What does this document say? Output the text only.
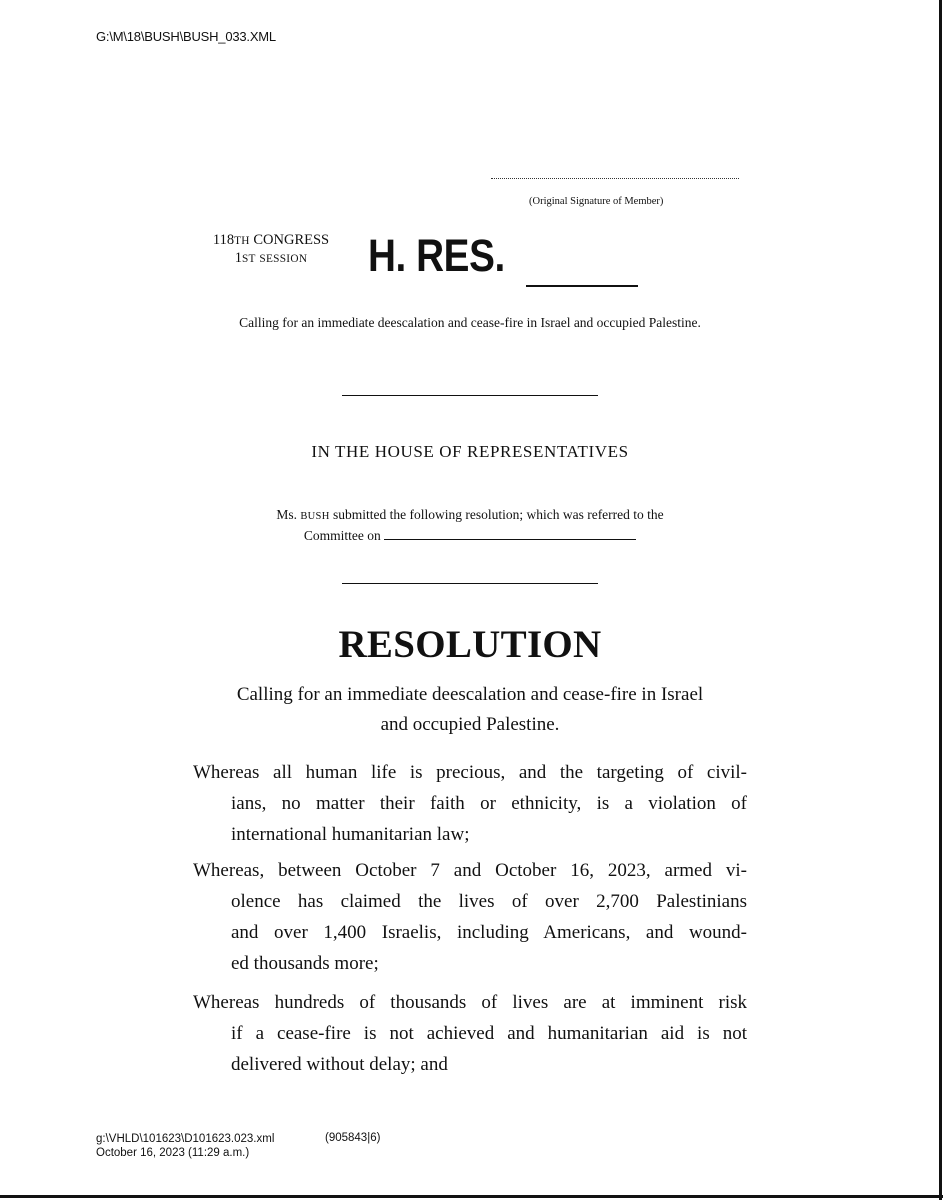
G:\M\18\BUSH\BUSH_033.XML
(Original Signature of Member)
118TH CONGRESS
1ST SESSION	H. RES.
Calling for an immediate deescalation and cease-fire in Israel and occupied Palestine.
IN THE HOUSE OF REPRESENTATIVES
Ms. BUSH submitted the following resolution; which was referred to the
Committee on
RESOLUTION
Calling for an immediate deescalation and cease-fire in Israel
and occupied Palestine.
Whereas all human life is precious, and the targeting of civil-
ians, no matter their faith or ethnicity, is a violation of
international humanitarian law;
Whereas, between October 7 and October 16, 2023, armed vi-
olence has claimed the lives of over 2,700 Palestinians
and over 1,400 Israelis, including Americans, and wound-
ed thousands more;
Whereas hundreds of thousands of lives are at imminent risk
if a cease-fire is not achieved and humanitarian aid is not
delivered without delay; and
g:\VHLD\101623\D101623.023.xml
October 16, 2023 (11:29 a.m.)
(905843|6)
